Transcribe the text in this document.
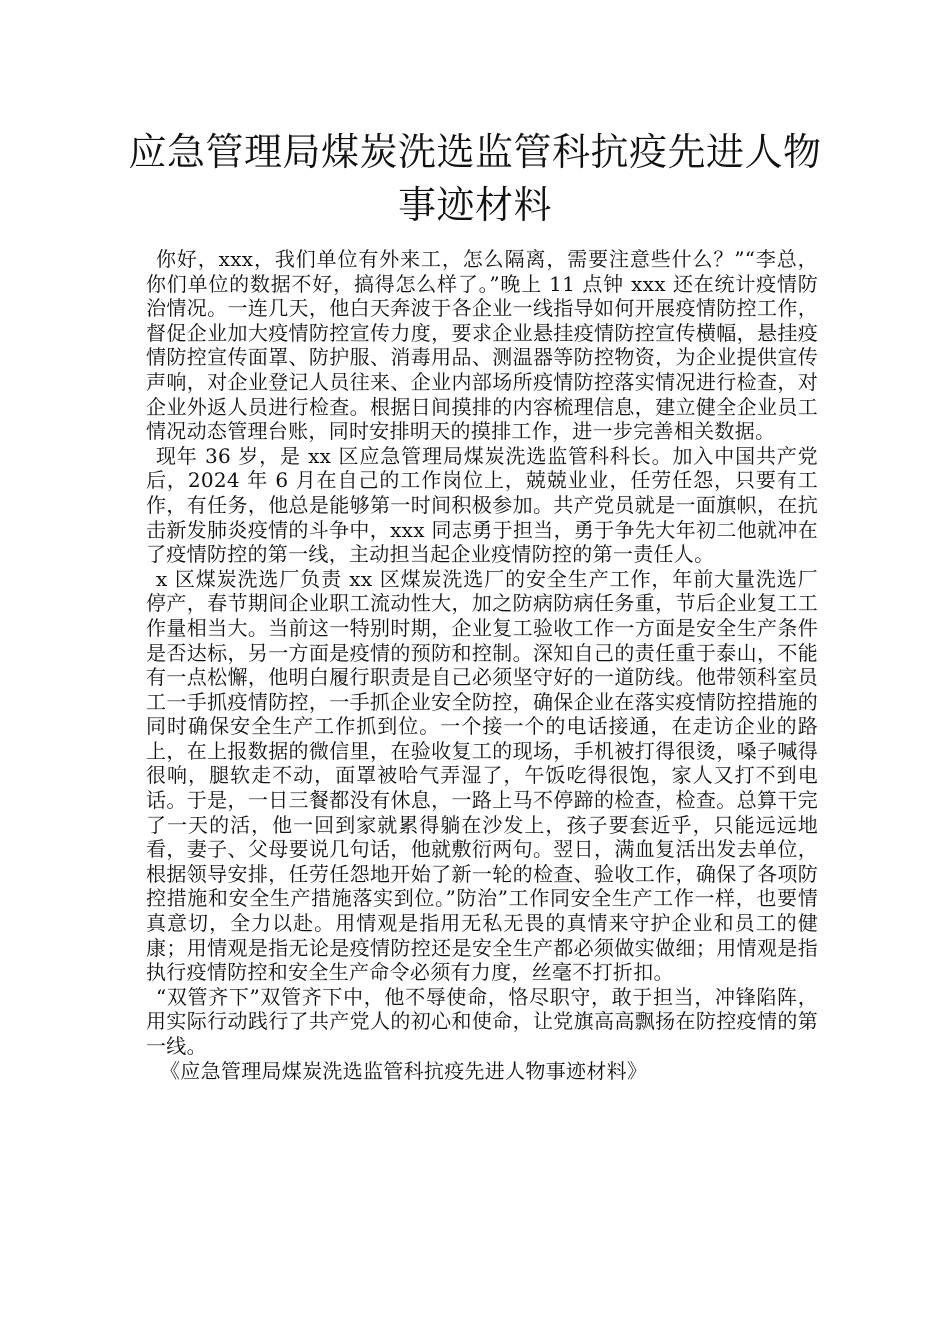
应急管理局煤炭洗选监管科抗疫先进人物
事迹材料

你好，xxx，我们单位有外来工，怎么隔离，需要注意些什么？”“李总，你们单位的数据不好，搞得怎么样了。”晚上 11 点钟 xxx 还在统计疫情防治情况。一连几天，他白天奔波于各企业一线指导如何开展疫情防控工作，督促企业加大疫情防控宣传力度，要求企业悬挂疫情防控宣传横幅，悬挂疫情防控宣传面罩、防护服、消毒用品、测温器等防控物资，为企业提供宣传声响，对企业登记人员往来、企业内部场所疫情防控落实情况进行检查，对企业外返人员进行检查。根据日间摸排的内容梳理信息，建立健全企业员工情况动态管理台账，同时安排明天的摸排工作，进一步完善相关数据。

现年 36 岁，是 xx 区应急管理局煤炭洗选监管科科长。加入中国共产党后，2024 年 6 月在自己的工作岗位上，兢兢业业，任劳任怨，只要有工作，有任务，他总是能够第一时间积极参加。共产党员就是一面旗帜，在抗击新发肺炎疫情的斗争中，xxx 同志勇于担当，勇于争先大年初二他就冲在了疫情防控的第一线，主动担当起企业疫情防控的第一责任人。

x 区煤炭洗选厂负责 xx 区煤炭洗选厂的安全生产工作，年前大量洗选厂停产，春节期间企业职工流动性大，加之防病防病任务重，节后企业复工工作量相当大。当前这一特别时期，企业复工验收工作一方面是安全生产条件是否达标，另一方面是疫情的预防和控制。深知自己的责任重于泰山，不能有一点松懈，他明白履行职责是自己必须坚守好的一道防线。他带领科室员工一手抓疫情防控，一手抓企业安全防控，确保企业在落实疫情防控措施的同时确保安全生产工作抓到位。一个接一个的电话接通，在走访企业的路上，在上报数据的微信里，在验收复工的现场，手机被打得很烫，嗓子喊得很响，腿软走不动，面罩被哈气弄湿了，午饭吃得很饱，家人又打不到电话。于是，一日三餐都没有休息，一路上马不停蹄的检查，检查。总算干完了一天的活，他一回到家就累得躺在沙发上，孩子要套近乎，只能远远地看，妻子、父母要说几句话，他就敷衍两句。翌日，满血复活出发去单位，根据领导安排，任劳任怨地开始了新一轮的检查、验收工作，确保了各项防控措施和安全生产措施落实到位。”防治”工作同安全生产工作一样，也要情真意切，全力以赴。用情观是指用无私无畏的真情来守护企业和员工的健康；用情观是指无论是疫情防控还是安全生产都必须做实做细；用情观是指执行疫情防控和安全生产命令必须有力度，丝毫不打折扣。

“双管齐下”双管齐下中，他不辱使命，恪尽职守，敢于担当，冲锋陷阵，用实际行动践行了共产党人的初心和使命，让党旗高高飘扬在防控疫情的第一线。

《应急管理局煤炭洗选监管科抗疫先进人物事迹材料》
